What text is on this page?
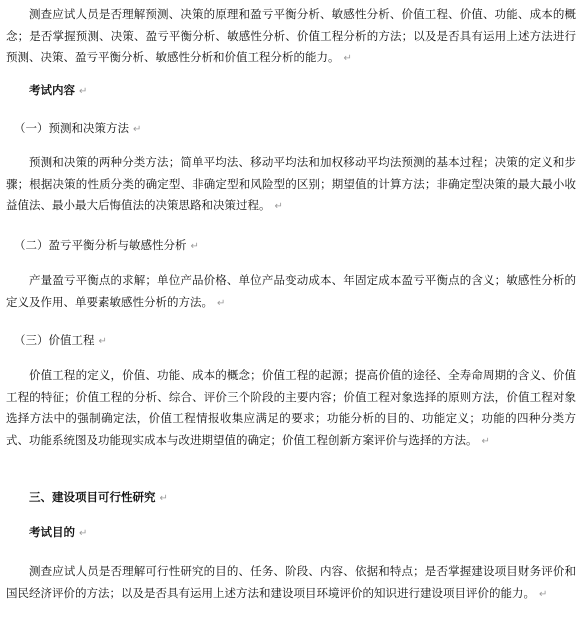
测查应试人员是否理解预测、决策的原理和盈亏平衡分析、敏感性分析、价值工程、价值、功能、成本的概念；是否掌握预测、决策、盈亏平衡分析、敏感性分析、价值工程分析的方法；以及是否具有运用上述方法进行预测、决策、盈亏平衡分析、敏感性分析和价值工程分析的能力。 ↵

考试内容 ↵

（一）预测和决策方法 ↵

预测和决策的两种分类方法；简单平均法、移动平均法和加权移动平均法预测的基本过程；决策的定义和步骤；根据决策的性质分类的确定型、非确定型和风险型的区别；期望值的计算方法；非确定型决策的最大最小收益值法、最小最大后悔值法的决策思路和决策过程。 ↵

（二）盈亏平衡分析与敏感性分析 ↵

产量盈亏平衡点的求解；单位产品价格、单位产品变动成本、年固定成本盈亏平衡点的含义；敏感性分析的定义及作用、单要素敏感性分析的方法。 ↵

（三）价值工程 ↵

价值工程的定义，价值、功能、成本的概念；价值工程的起源；提高价值的途径、全寿命周期的含义、价值工程的特征；价值工程的分析、综合、评价三个阶段的主要内容；价值工程对象选择的原则方法，价值工程对象选择方法中的强制确定法，价值工程情报收集应满足的要求；功能分析的目的、功能定义；功能的四种分类方式、功能系统图及功能现实成本与改进期望值的确定；价值工程创新方案评价与选择的方法。 ↵

三、建设项目可行性研究 ↵

考试目的 ↵

测查应试人员是否理解可行性研究的目的、任务、阶段、内容、依据和特点；是否掌握建设项目财务评价和国民经济评价的方法；以及是否具有运用上述方法和建设项目环境评价的知识进行建设项目评价的能力。 ↵
